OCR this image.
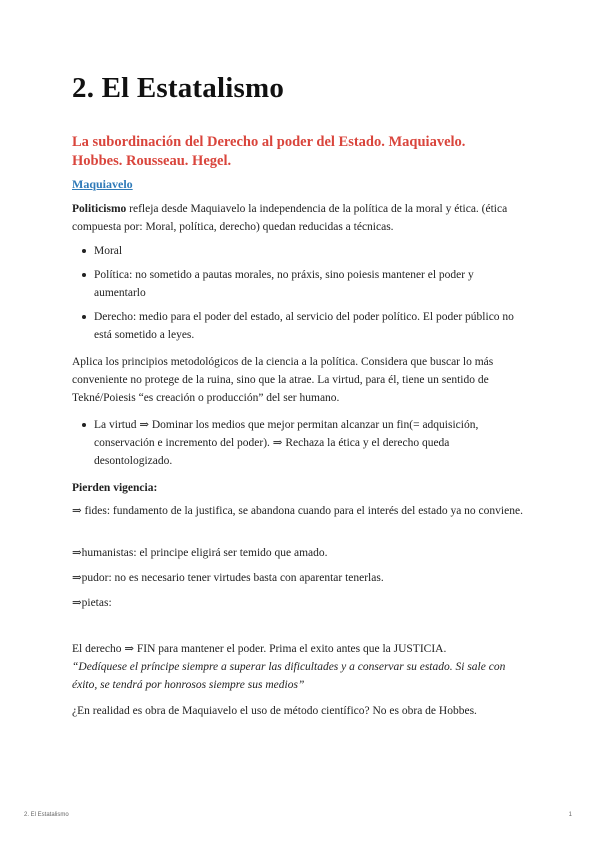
2. El Estatalismo
La subordinación del Derecho al poder del Estado. Maquiavelo. Hobbes. Rousseau. Hegel.
Maquiavelo

Politicismo refleja desde Maquiavelo la independencia de la política de la moral y ética. (ética compuesta por: Moral, política, derecho) quedan reducidas a técnicas.

Moral
Política: no sometido a pautas morales, no práxis, sino poiesis mantener el poder y aumentarlo
Derecho: medio para el poder del estado, al servicio del poder político. El poder público no está sometido a leyes.

Aplica los principios metodológicos de la ciencia a la política. Considera que buscar lo más conveniente no protege de la ruina, sino que la atrae. La virtud, para él, tiene un sentido de Tekné/Poiesis “es creación o producción” del ser humano.

La virtud ⇒ Dominar los medios que mejor permitan alcanzar un fin(= adquisición, conservación e incremento del poder). ⇒ Rechaza la ética y el derecho queda desontologizado.

Pierden vigencia:

⇒ fides: fundamento de la justifica, se abandona cuando para el interés del estado ya no conviene.

⇒humanistas: el principe eligirá ser temido que amado.

⇒pudor: no es necesario tener virtudes basta con aparentar tenerlas.

⇒pietas:

El derecho ⇒ FIN para mantener el poder. Prima el exito antes que la JUSTICIA.

“Dedíquese el príncipe siempre a superar las dificultades y a conservar su estado. Si sale con éxito, se tendrá por honrosos siempre sus medios”

¿En realidad es obra de Maquiavelo el uso de método científico? No es obra de Hobbes.

2. El Estatalismo	1
